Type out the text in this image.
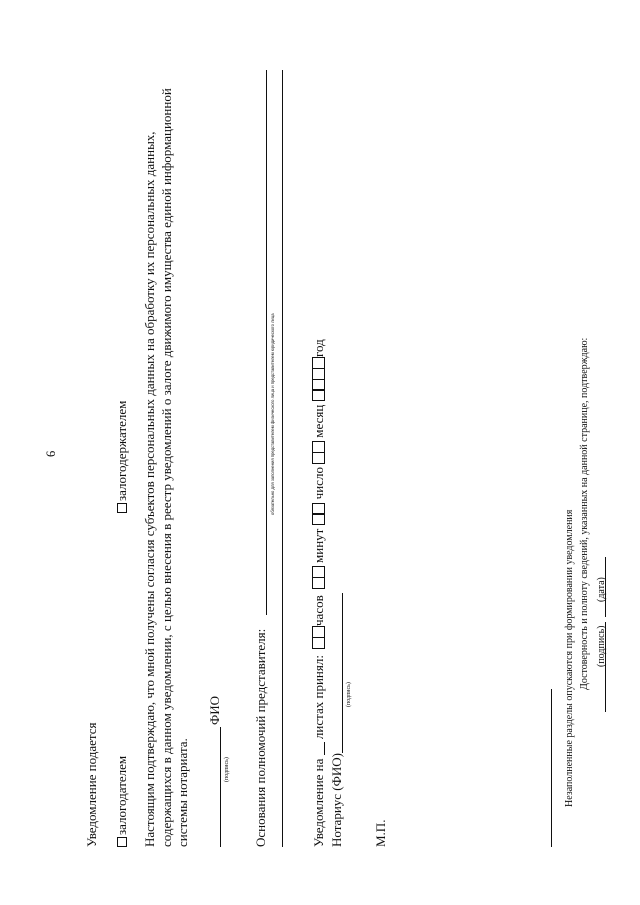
6
Уведомление подается залогодателем
залогодержателем Настоящим подтверждаю, что мной получены согласия субъектов персональных данных на обработку их персональных данных, содержащихся в данном уведомлении, с целью внесения в реестр уведомлений о залоге движимого имущества единой информационной системы нотариата.	(подпись)
ФИО Основания полномочий представителя:
обязательно для заполнения представителем физического лица и представителем юридического лица
Уведомление на  листах принял: часов  минут  число  месяц год
Нотариус (ФИО)
(подпись)
М.П.
Незаполненные разделы опускаются при формировании уведомления Достоверность и полноту сведений, указанных на данной странице, подтверждаю: (подпись)
(дата)
